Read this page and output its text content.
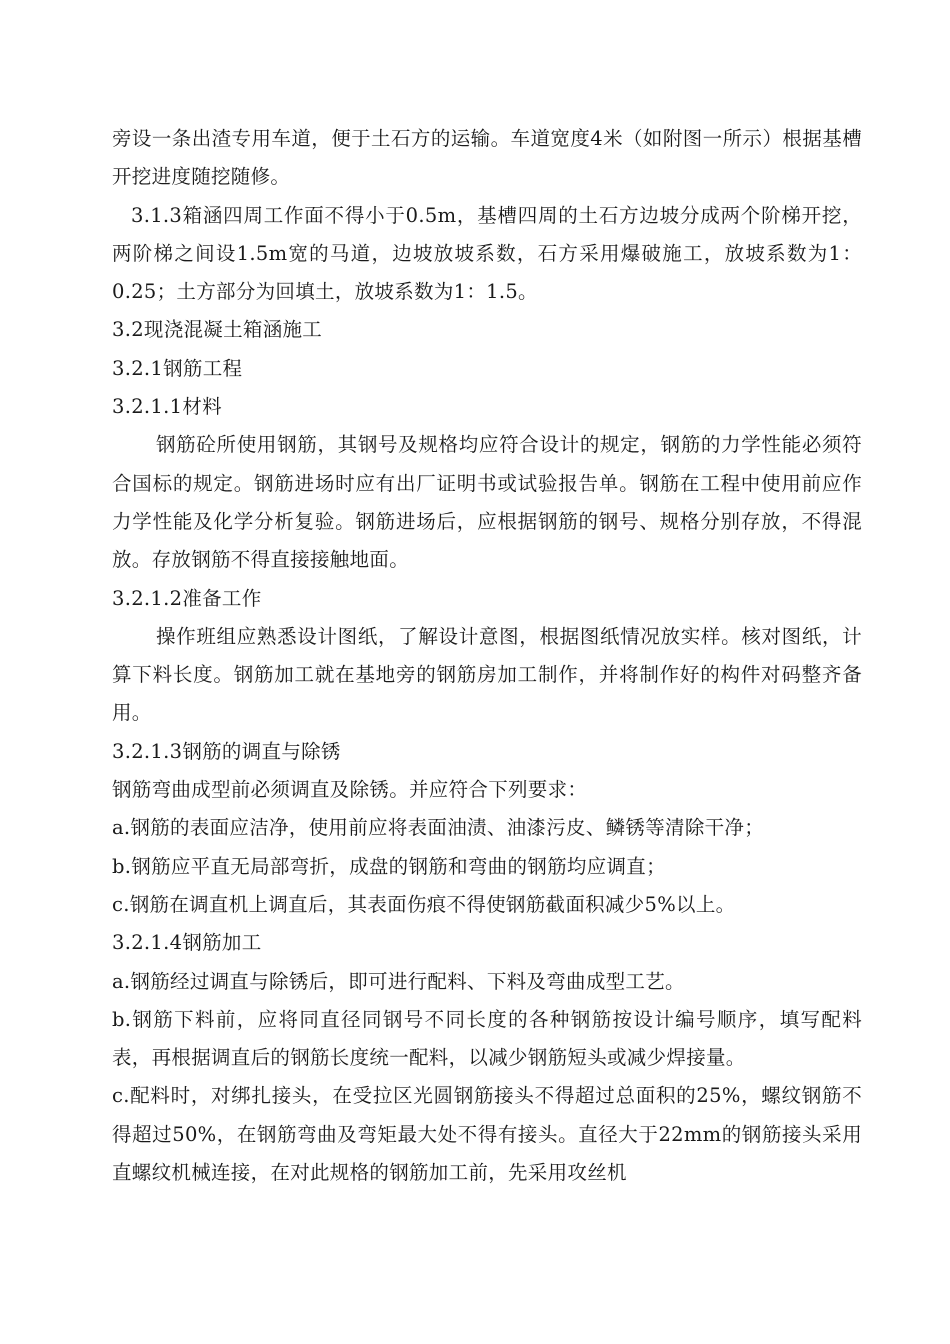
旁设一条出渣专用车道，便于土石方的运输。车道宽度4米（如附图一所示）根据基槽开挖进度随挖随修。

3.1.3箱涵四周工作面不得小于0.5m，基槽四周的土石方边坡分成两个阶梯开挖，两阶梯之间设1.5m宽的马道，边坡放坡系数，石方采用爆破施工，放坡系数为1：0.25；土方部分为回填土，放坡系数为1：1.5。

3.2现浇混凝土箱涵施工

3.2.1钢筋工程

3.2.1.1材料

钢筋砼所使用钢筋，其钢号及规格均应符合设计的规定，钢筋的力学性能必须符合国标的规定。钢筋进场时应有出厂证明书或试验报告单。钢筋在工程中使用前应作力学性能及化学分析复验。钢筋进场后，应根据钢筋的钢号、规格分别存放，不得混放。存放钢筋不得直接接触地面。

3.2.1.2准备工作

操作班组应熟悉设计图纸，了解设计意图，根据图纸情况放实样。核对图纸，计算下料长度。钢筋加工就在基地旁的钢筋房加工制作，并将制作好的构件对码整齐备用。

3.2.1.3钢筋的调直与除锈

钢筋弯曲成型前必须调直及除锈。并应符合下列要求：

a.钢筋的表面应洁净，使用前应将表面油渍、油漆污皮、鳞锈等清除干净；

b.钢筋应平直无局部弯折，成盘的钢筋和弯曲的钢筋均应调直；

c.钢筋在调直机上调直后，其表面伤痕不得使钢筋截面积减少5%以上。

3.2.1.4钢筋加工

a.钢筋经过调直与除锈后，即可进行配料、下料及弯曲成型工艺。

b.钢筋下料前，应将同直径同钢号不同长度的各种钢筋按设计编号顺序，填写配料表，再根据调直后的钢筋长度统一配料，以减少钢筋短头或减少焊接量。

c.配料时，对绑扎接头，在受拉区光圆钢筋接头不得超过总面积的25%，螺纹钢筋不得超过50%，在钢筋弯曲及弯矩最大处不得有接头。直径大于22mm的钢筋接头采用直螺纹机械连接，在对此规格的钢筋加工前，先采用攻丝机
